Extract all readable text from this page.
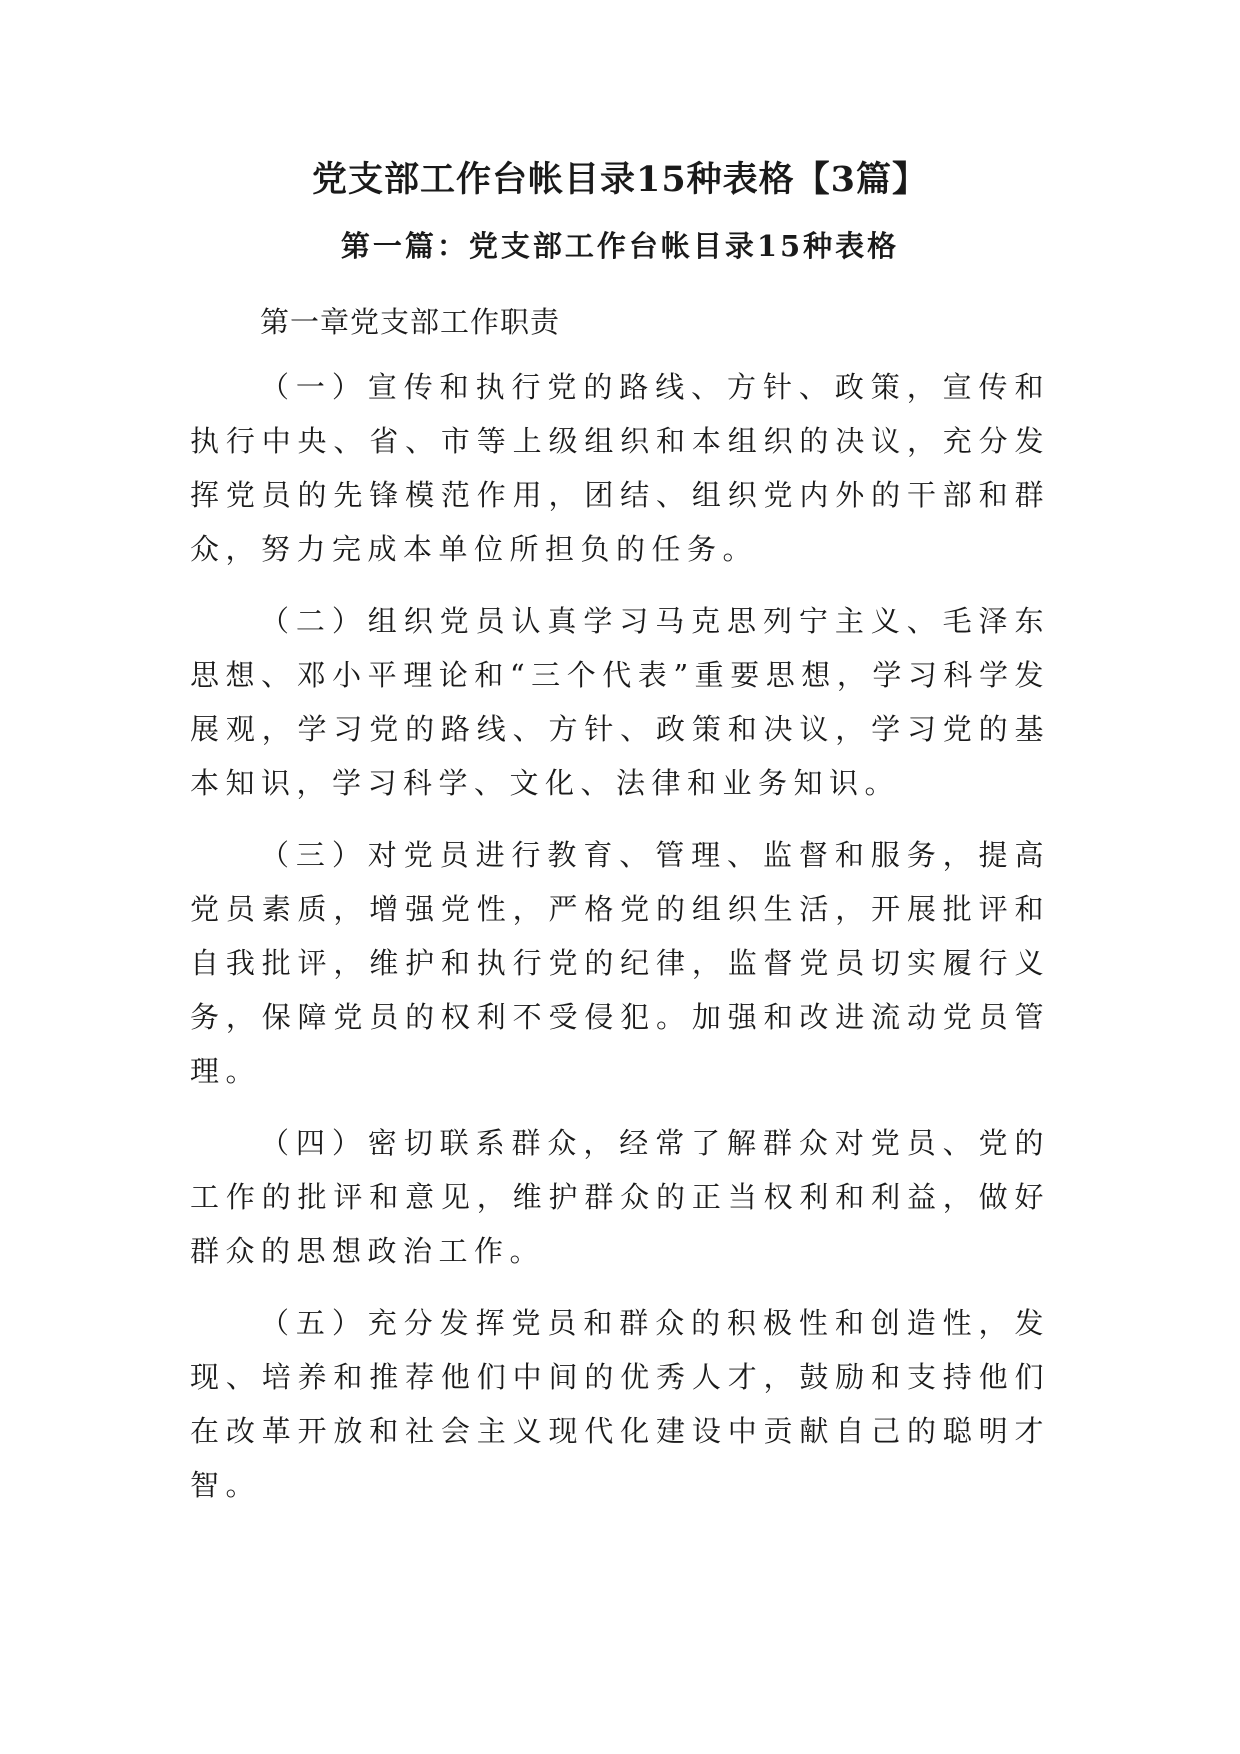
党支部工作台帐目录15种表格【3篇】
第一篇：党支部工作台帐目录15种表格

第一章党支部工作职责

（一）宣传和执行党的路线、方针、政策，宣传和执行中央、省、市等上级组织和本组织的决议，充分发挥党员的先锋模范作用，团结、组织党内外的干部和群众，努力完成本单位所担负的任务。

（二）组织党员认真学习马克思列宁主义、毛泽东思想、邓小平理论和“三个代表”重要思想，学习科学发展观，学习党的路线、方针、政策和决议，学习党的基本知识，学习科学、文化、法律和业务知识。

（三）对党员进行教育、管理、监督和服务，提高党员素质，增强党性，严格党的组织生活，开展批评和自我批评，维护和执行党的纪律，监督党员切实履行义务，保障党员的权利不受侵犯。加强和改进流动党员管理。

（四）密切联系群众，经常了解群众对党员、党的工作的批评和意见，维护群众的正当权利和利益，做好群众的思想政治工作。

（五）充分发挥党员和群众的积极性和创造性，发现、培养和推荐他们中间的优秀人才，鼓励和支持他们在改革开放和社会主义现代化建设中贡献自己的聪明才智。
